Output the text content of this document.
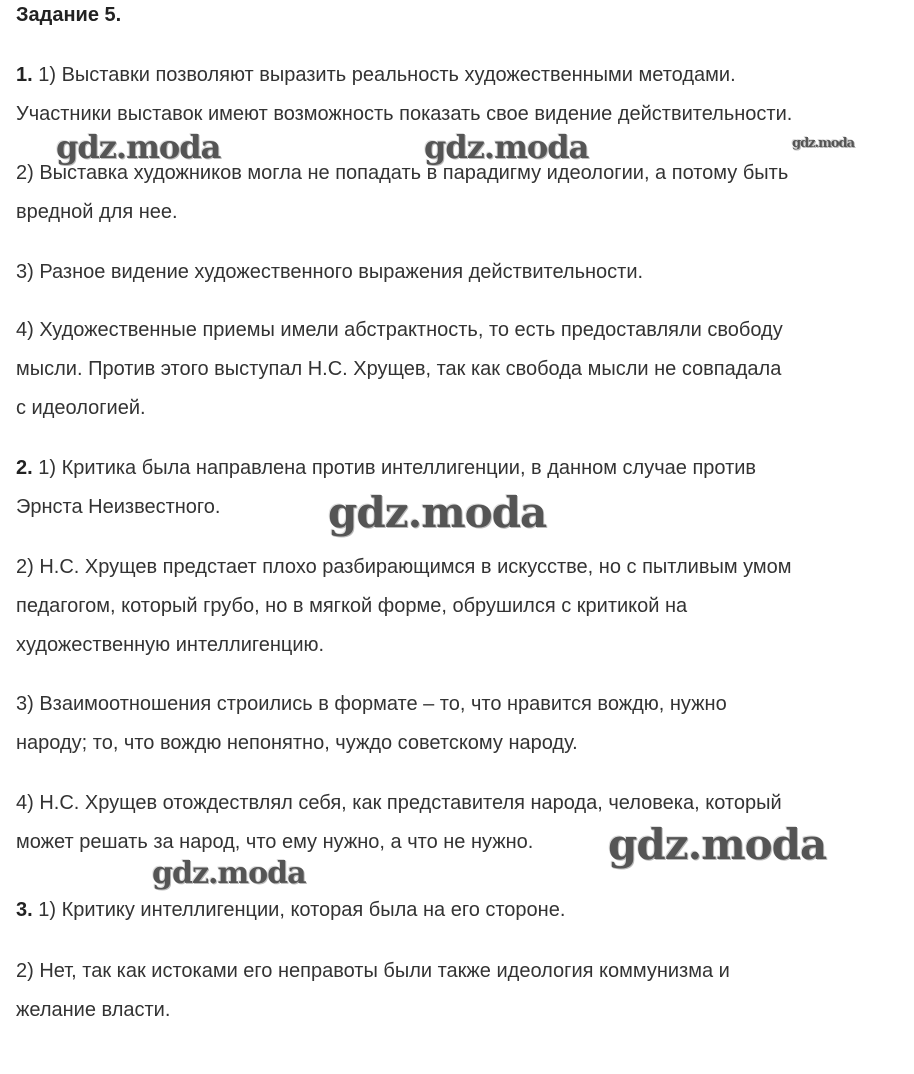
Задание 5.
1. 1) Выставки позволяют выразить реальность художественными методами.
Участники выставок имеют возможность показать свое видение действительности.
2) Выставка художников могла не попадать в парадигму идеологии, а потому быть
вредной для нее.
3) Разное видение художественного выражения действительности.
4) Художественные приемы имели абстрактность, то есть предоставляли свободу
мысли. Против этого выступал Н.С. Хрущев, так как свобода мысли не совпадала
с идеологией.
2. 1) Критика была направлена против интеллигенции, в данном случае против
Эрнста Неизвестного.
2) Н.С. Хрущев предстает плохо разбирающимся в искусстве, но с пытливым умом
педагогом, который грубо, но в мягкой форме, обрушился с критикой на
художественную интеллигенцию.
3) Взаимоотношения строились в формате – то, что нравится вождю, нужно
народу; то, что вождю непонятно, чуждо советскому народу.
4) Н.С. Хрущев отождествлял себя, как представителя народа, человека, который
может решать за народ, что ему нужно, а что не нужно.
3. 1) Критику интеллигенции, которая была на его стороне.
2) Нет, так как истоками его неправоты были также идеология коммунизма и
желание власти.
gdz.moda	gdz.moda	gdz.moda
gdz.moda
gdz.moda
gdz.moda
